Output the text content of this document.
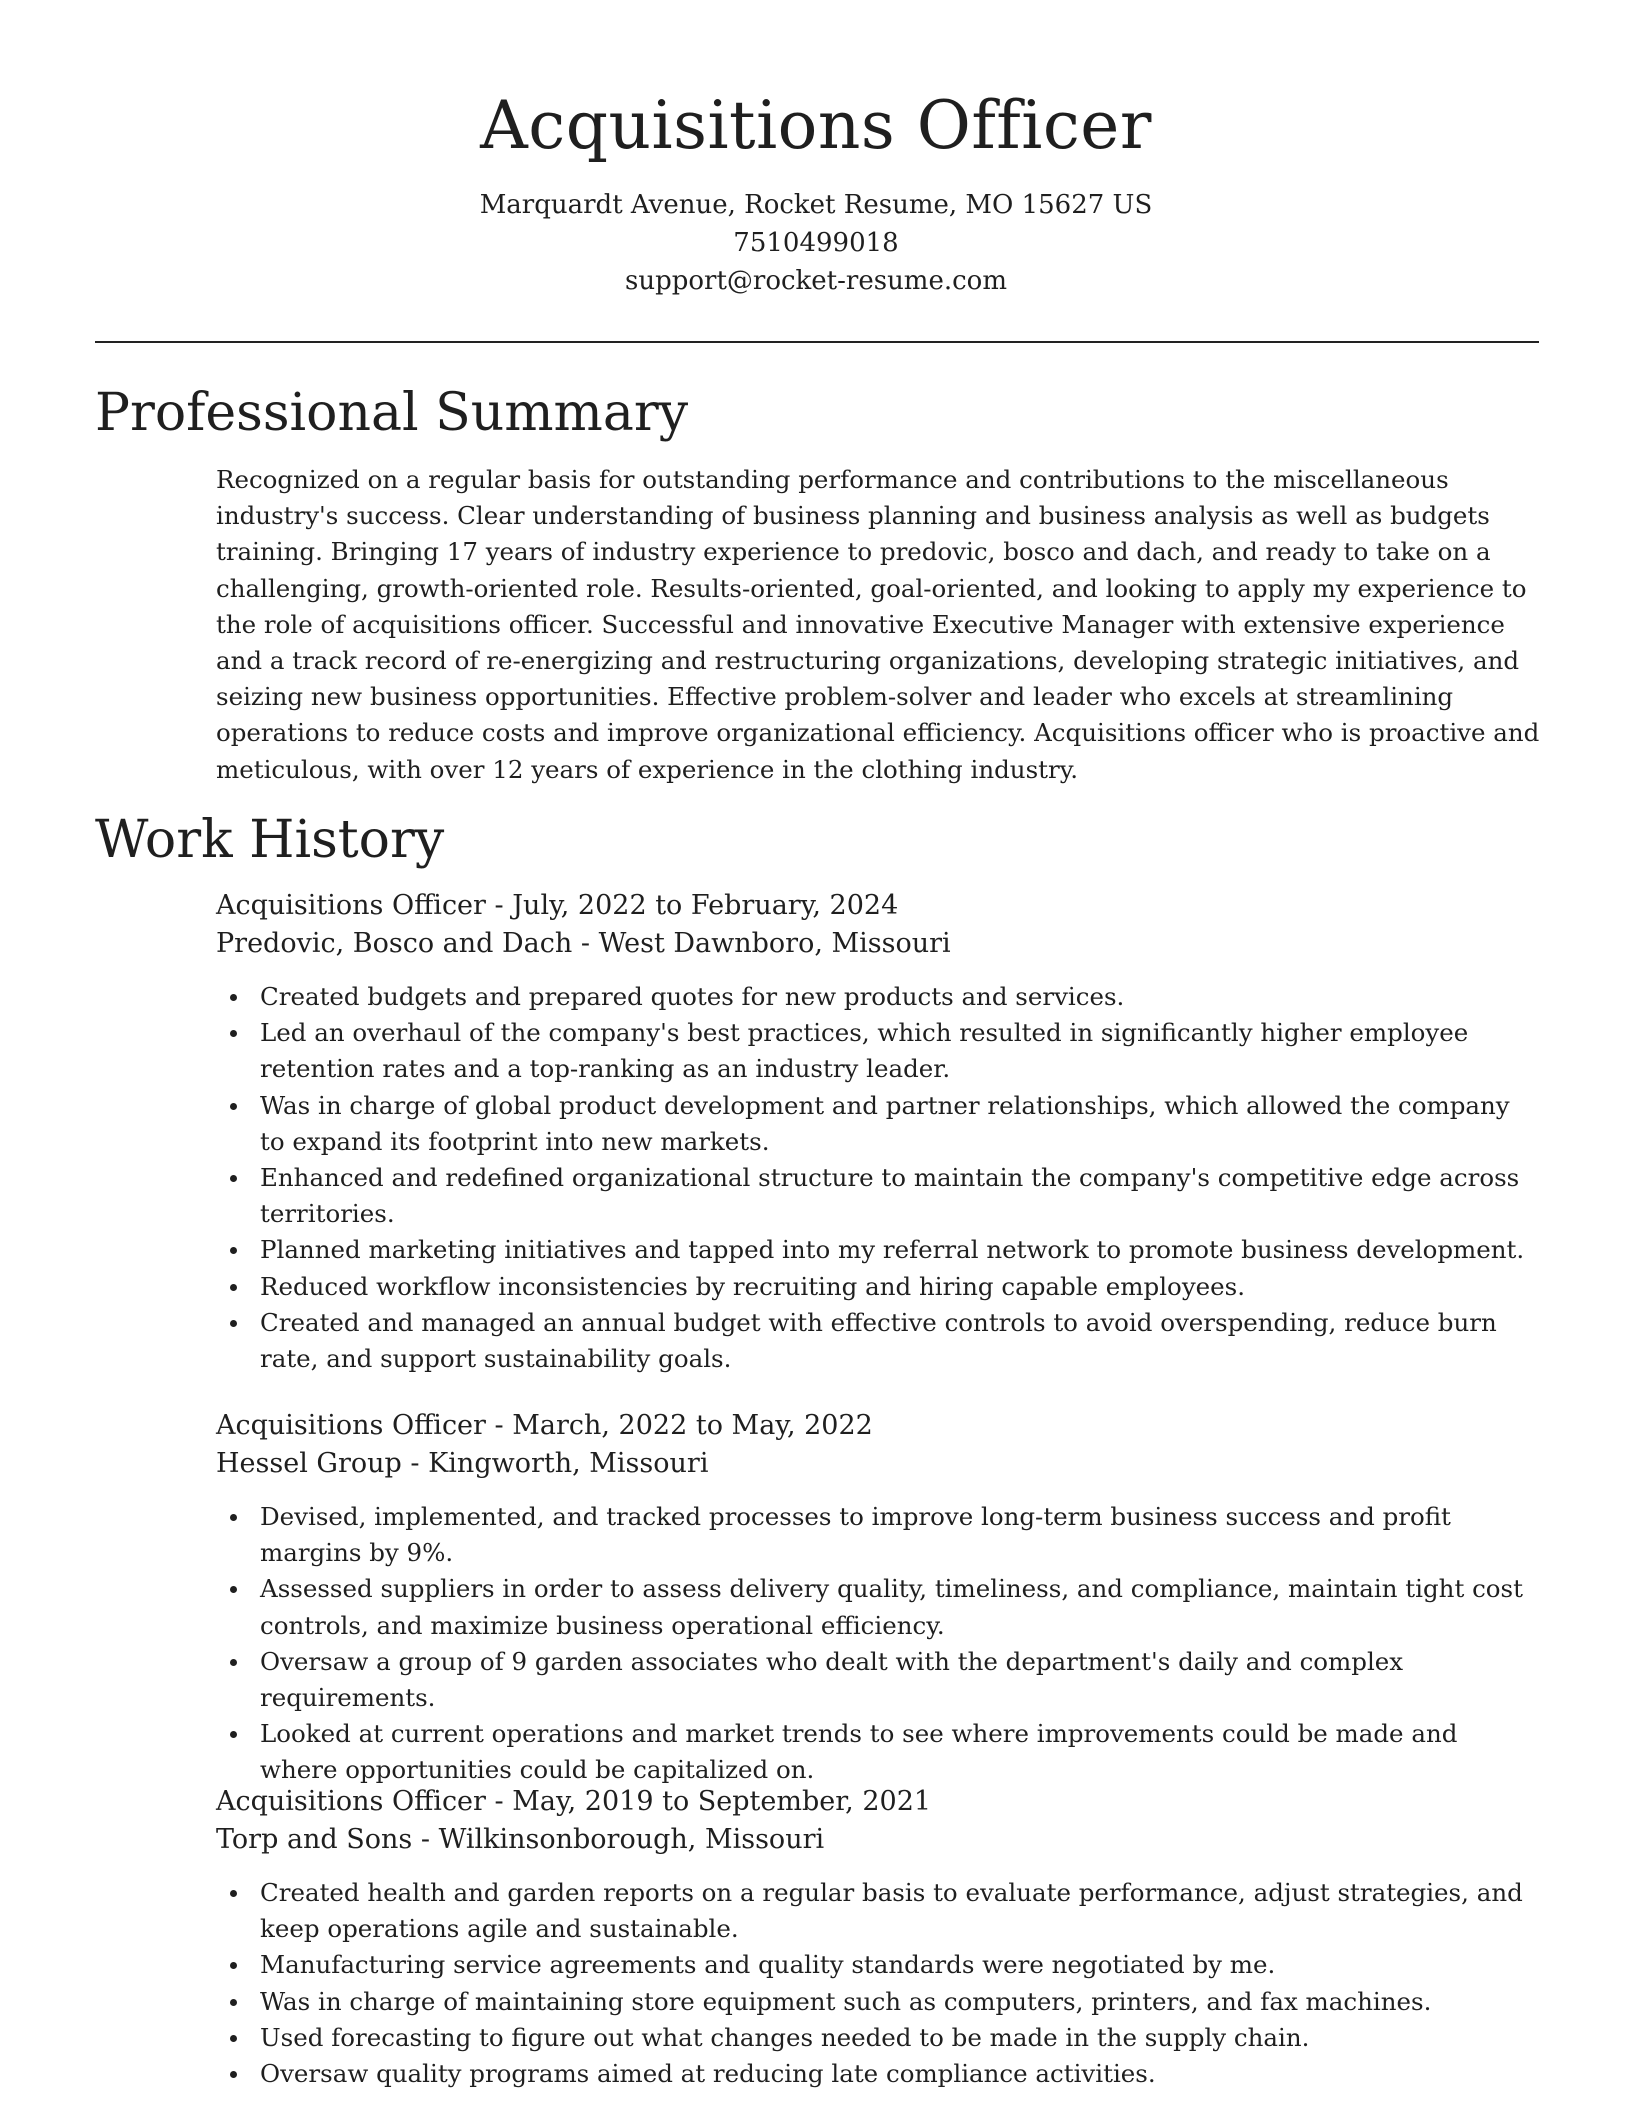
Acquisitions Officer
Marquardt Avenue, Rocket Resume, MO 15627 US
7510499018
support@rocket-resume.com
Professional Summary

Recognized on a regular basis for outstanding performance and contributions to the miscellaneous industry's success. Clear understanding of business planning and business analysis as well as budgets training. Bringing 17 years of industry experience to predovic, bosco and dach, and ready to take on a challenging, growth-oriented role. Results-oriented, goal-oriented, and looking to apply my experience to the role of acquisitions officer. Successful and innovative Executive Manager with extensive experience and a track record of re-energizing and restructuring organizations, developing strategic initiatives, and seizing new business opportunities. Effective problem-solver and leader who excels at streamlining operations to reduce costs and improve organizational efficiency. Acquisitions officer who is proactive and meticulous, with over 12 years of experience in the clothing industry.

Work History
Acquisitions Officer - July, 2022 to February, 2024
Predovic, Bosco and Dach - West Dawnboro, Missouri
Created budgets and prepared quotes for new products and services.
Led an overhaul of the company's best practices, which resulted in significantly higher employee retention rates and a top-ranking as an industry leader.
Was in charge of global product development and partner relationships, which allowed the company to expand its footprint into new markets.
Enhanced and redefined organizational structure to maintain the company's competitive edge across territories.
Planned marketing initiatives and tapped into my referral network to promote business development.
Reduced workflow inconsistencies by recruiting and hiring capable employees.
Created and managed an annual budget with effective controls to avoid overspending, reduce burn rate, and support sustainability goals.
Acquisitions Officer - March, 2022 to May, 2022
Hessel Group - Kingworth, Missouri
Devised, implemented, and tracked processes to improve long-term business success and profit margins by 9%.
Assessed suppliers in order to assess delivery quality, timeliness, and compliance, maintain tight cost controls, and maximize business operational efficiency.
Oversaw a group of 9 garden associates who dealt with the department's daily and complex requirements.
Looked at current operations and market trends to see where improvements could be made and where opportunities could be capitalized on.
Acquisitions Officer - May, 2019 to September, 2021
Torp and Sons - Wilkinsonborough, Missouri
Created health and garden reports on a regular basis to evaluate performance, adjust strategies, and keep operations agile and sustainable.
Manufacturing service agreements and quality standards were negotiated by me.
Was in charge of maintaining store equipment such as computers, printers, and fax machines.
Used forecasting to figure out what changes needed to be made in the supply chain.
Oversaw quality programs aimed at reducing late compliance activities.
